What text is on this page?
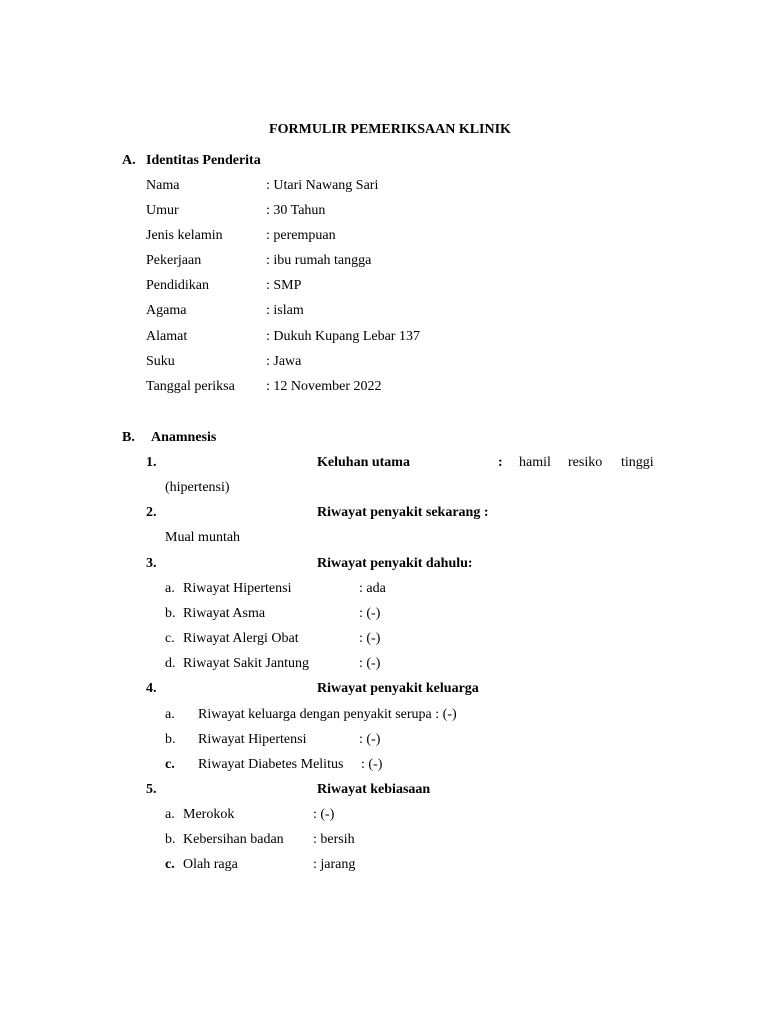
FORMULIR PEMERIKSAAN KLINIK
A. Identitas Penderita
Nama	: Utari Nawang Sari
Umur	: 30 Tahun
Jenis kelamin	: perempuan
Pekerjaan	: ibu rumah tangga
Pendidikan	: SMP
Agama	: islam
Alamat	: Dukuh Kupang Lebar 137
Suku	: Jawa
Tanggal periksa : 12 November 2022
B. Anamnesis
1.	Keluhan utama	: hamil resiko tinggi
(hipertensi)
2.	Riwayat penyakit sekarang :
Mual muntah
3.	Riwayat penyakit dahulu:
a. Riwayat Hipertensi	: ada
b. Riwayat Asma	: (-)
c. Riwayat Alergi Obat	: (-)
d. Riwayat Sakit Jantung	: (-)
4.	Riwayat penyakit keluarga
a. Riwayat keluarga dengan penyakit serupa : (-)
b. Riwayat Hipertensi	: (-)
c. Riwayat Diabetes Melitus : (-)
5.	Riwayat kebiasaan
a. Merokok	: (-)
b. Kebersihan badan : bersih
c. Olah raga	: jarang
